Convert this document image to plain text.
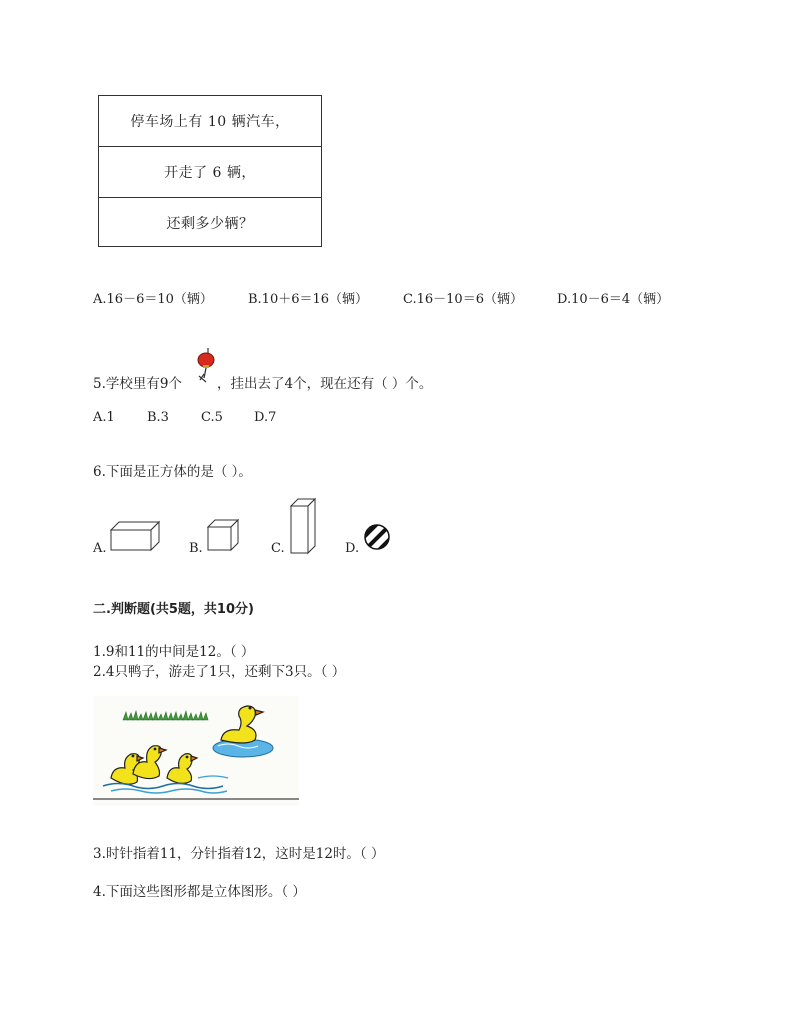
停车场上有 10 辆汽车，
开走了 6 辆，
还剩多少辆？
A.16－6＝10（辆）	B.10＋6＝16（辆）	C.16－10＝6（辆）	D.10－6＝4（辆）
5.学校里有9个	，挂出去了4个，现在还有（ ）个。
A.1 B.3 C.5 D.7
6.下面是正方体的是（ ）。
A.	B.	C.	D.
二.判断题(共5题，共10分)
1.9和11的中间是12。（ ）
2.4只鸭子，游走了1只，还剩下3只。（ ）
3.时针指着11，分针指着12，这时是12时。（ ）
4.下面这些图形都是立体图形。（ ）
